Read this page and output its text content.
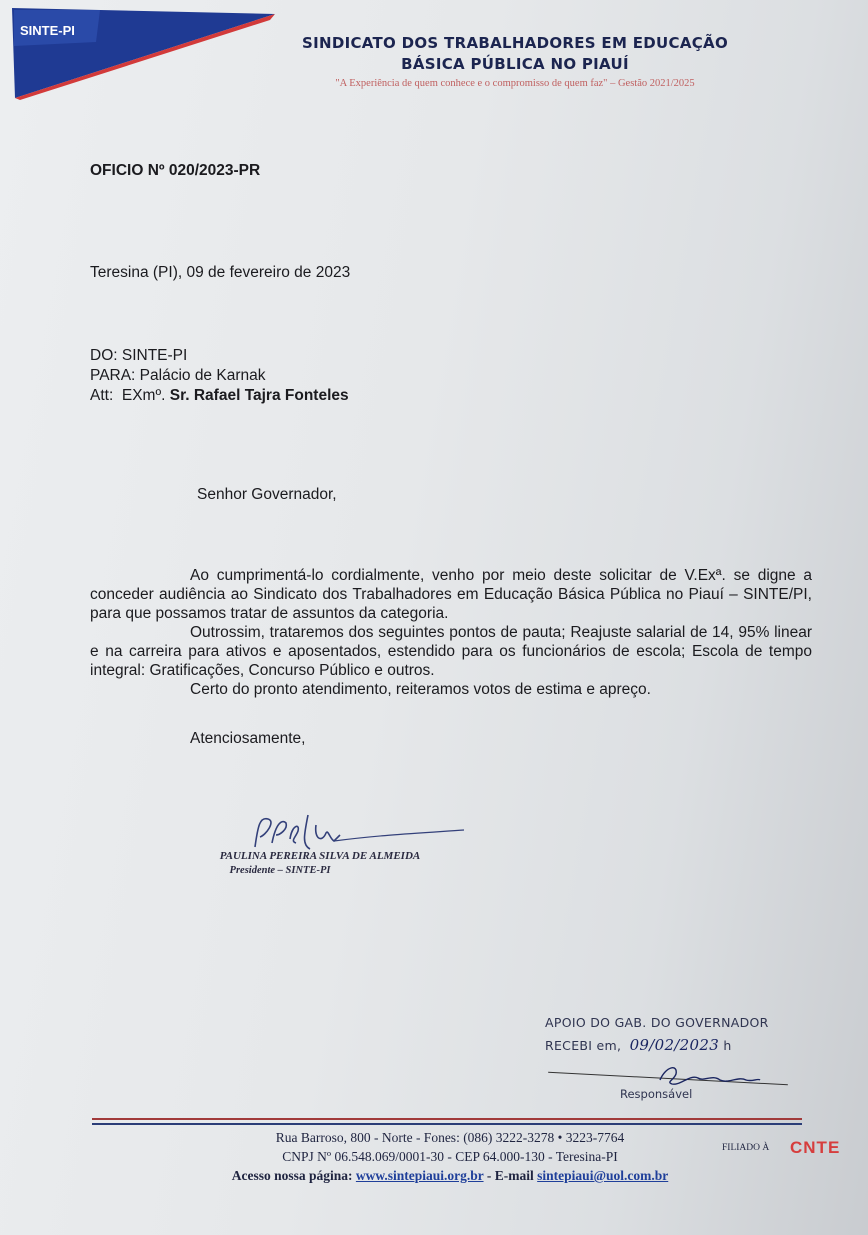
SINTE-PI
SINDICATO DOS TRABALHADORES EM EDUCAÇÃO
BÁSICA PÚBLICA NO PIAUÍ
"A Experiência de quem conhece e o compromisso de quem faz" – Gestão 2021/2025
OFICIO Nº 020/2023-PR
Teresina (PI), 09 de fevereiro de 2023
DO: SINTE-PI
PARA: Palácio de Karnak
Att:  EXmº. Sr. Rafael Tajra Fonteles
Senhor Governador,

Ao cumprimentá-lo cordialmente, venho por meio deste solicitar de V.Exª. se digne a conceder audiência ao Sindicato dos Trabalhadores em Educação Básica Pública no Piauí – SINTE/PI, para que possamos tratar de assuntos da categoria.

Outrossim, trataremos dos seguintes pontos de pauta; Reajuste salarial de 14, 95% linear e na carreira para ativos e aposentados, estendido para os funcionários de escola; Escola de tempo integral: Gratificações, Concurso Público e outros.

Certo do pronto atendimento, reiteramos votos de estima e apreço.

Atenciosamente,
PAULINA PEREIRA SILVA DE ALMEIDA
Presidente – SINTE-PI
APOIO DO GAB. DO GOVERNADOR
RECEBI em, 09/02/2023 h
Responsável
Rua Barroso, 800 - Norte - Fones: (086) 3222-3278 • 3223-7764
CNPJ Nº 06.548.069/0001-30 - CEP 64.000-130 - Teresina-PI
Acesso nossa página: www.sintepiaui.org.br - E-mail sintepiaui@uol.com.br
FILIADO À CNTE
